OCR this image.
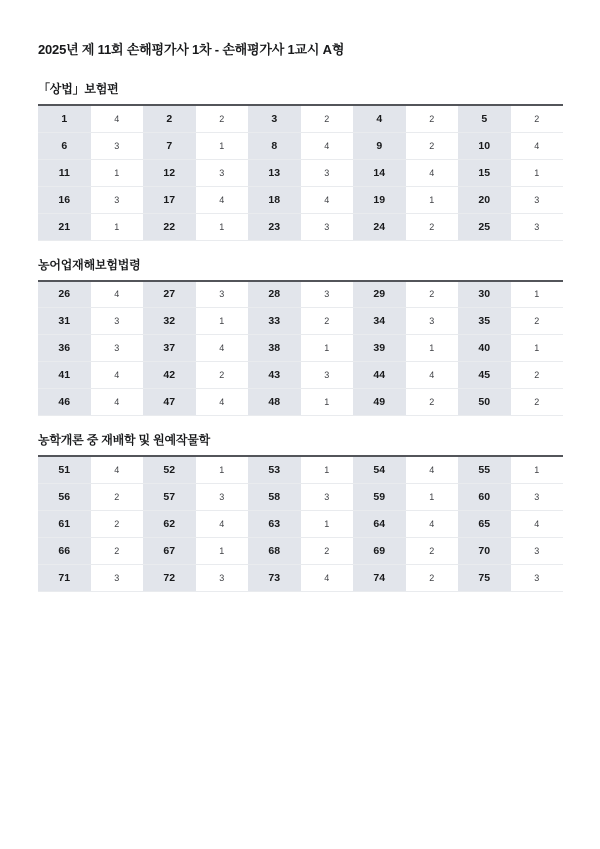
2025년 제 11회 손해평가사 1차 - 손해평가사 1교시 A형
「상법」보험편
1	4	2	2	3	2	4	2	5	2
6	3	7	1	8	4	9	2	10	4
11	1	12	3	13	3	14	4	15	1
16	3	17	4	18	4	19	1	20	3
21	1	22	1	23	3	24	2	25	3
농어업재해보험법령
26	4	27	3	28	3	29	2	30	1
31	3	32	1	33	2	34	3	35	2
36	3	37	4	38	1	39	1	40	1
41	4	42	2	43	3	44	4	45	2
46	4	47	4	48	1	49	2	50	2
농학개론 중 재배학 및 원예작물학
51	4	52	1	53	1	54	4	55	1
56	2	57	3	58	3	59	1	60	3
61	2	62	4	63	1	64	4	65	4
66	2	67	1	68	2	69	2	70	3
71	3	72	3	73	4	74	2	75	3
